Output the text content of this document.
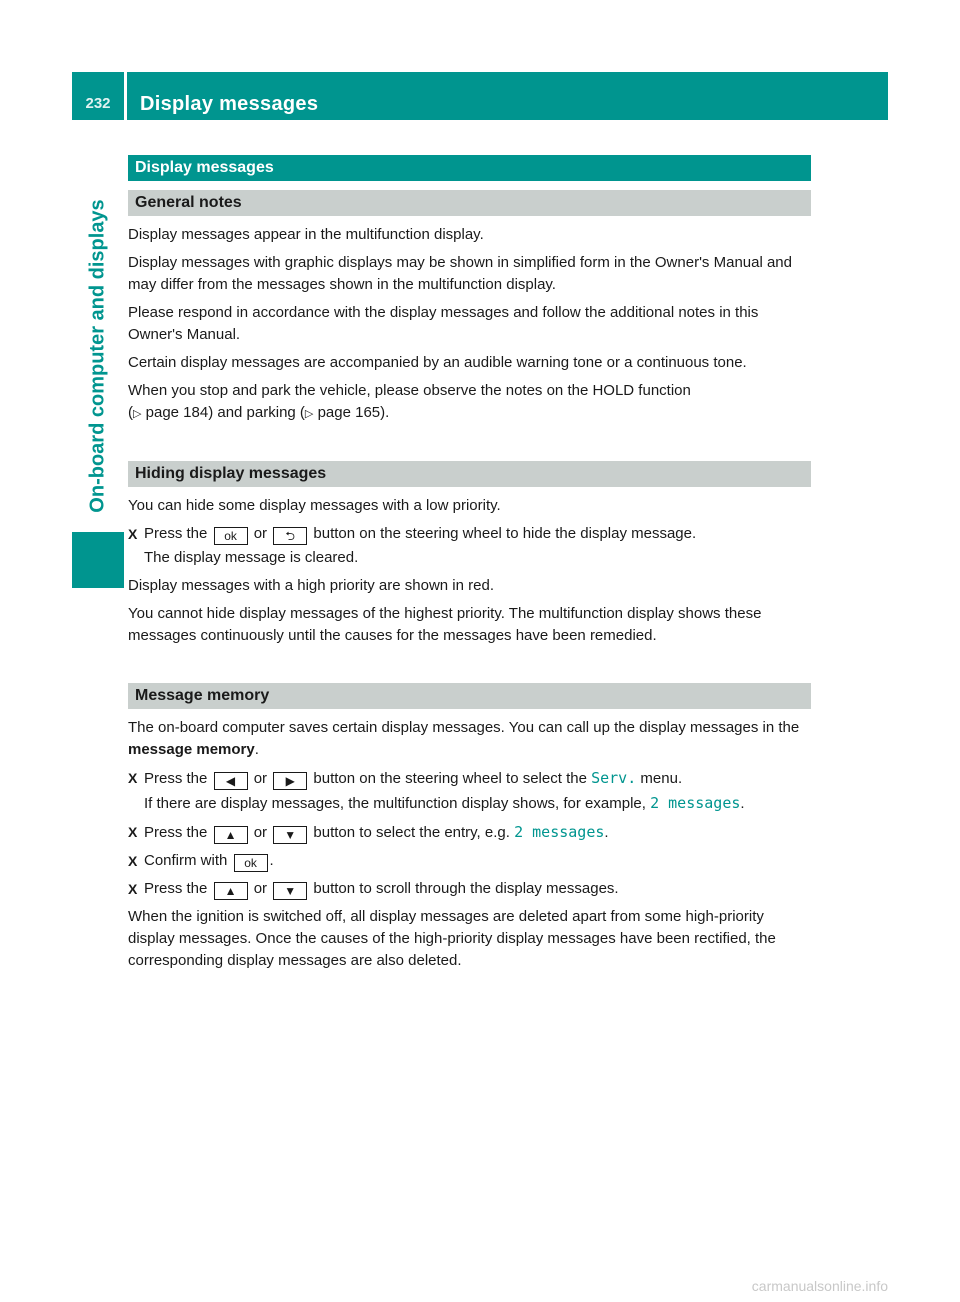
232	Display messages
On-board computer and displays
Display messages
General notes

Display messages appear in the multifunction display.

Display messages with graphic displays may be shown in simplified form in the Owner's Manual and may differ from the messages shown in the multifunction display.

Please respond in accordance with the display messages and follow the additional notes in this Owner's Manual.

Certain display messages are accompanied by an audible warning tone or a continuous tone.

When you stop and park the vehicle, please observe the notes on the HOLD function
(▷ page 184) and parking (▷ page 165).

Hiding display messages

You can hide some display messages with a low priority.

X Press the ok or ⮌ button on the steering wheel to hide the display message.

The display message is cleared.

Display messages with a high priority are shown in red.

You cannot hide display messages of the highest priority. The multifunction display shows these messages continuously until the causes for the messages have been remedied.

Message memory

The on-board computer saves certain display messages. You can call up the display messages in the message memory.

X Press the ◀ or ▶ button on the steering wheel to select the Serv. menu.

If there are display messages, the multifunction display shows, for example, 2 messages.

X Press the ▲ or ▼ button to select the entry, e.g. 2 messages.

X Confirm with ok .

X Press the ▲ or ▼ button to scroll through the display messages.

When the ignition is switched off, all display messages are deleted apart from some high-priority display messages. Once the causes of the high-priority display messages have been rectified, the corresponding display messages are also deleted.

carmanualsonline.info
